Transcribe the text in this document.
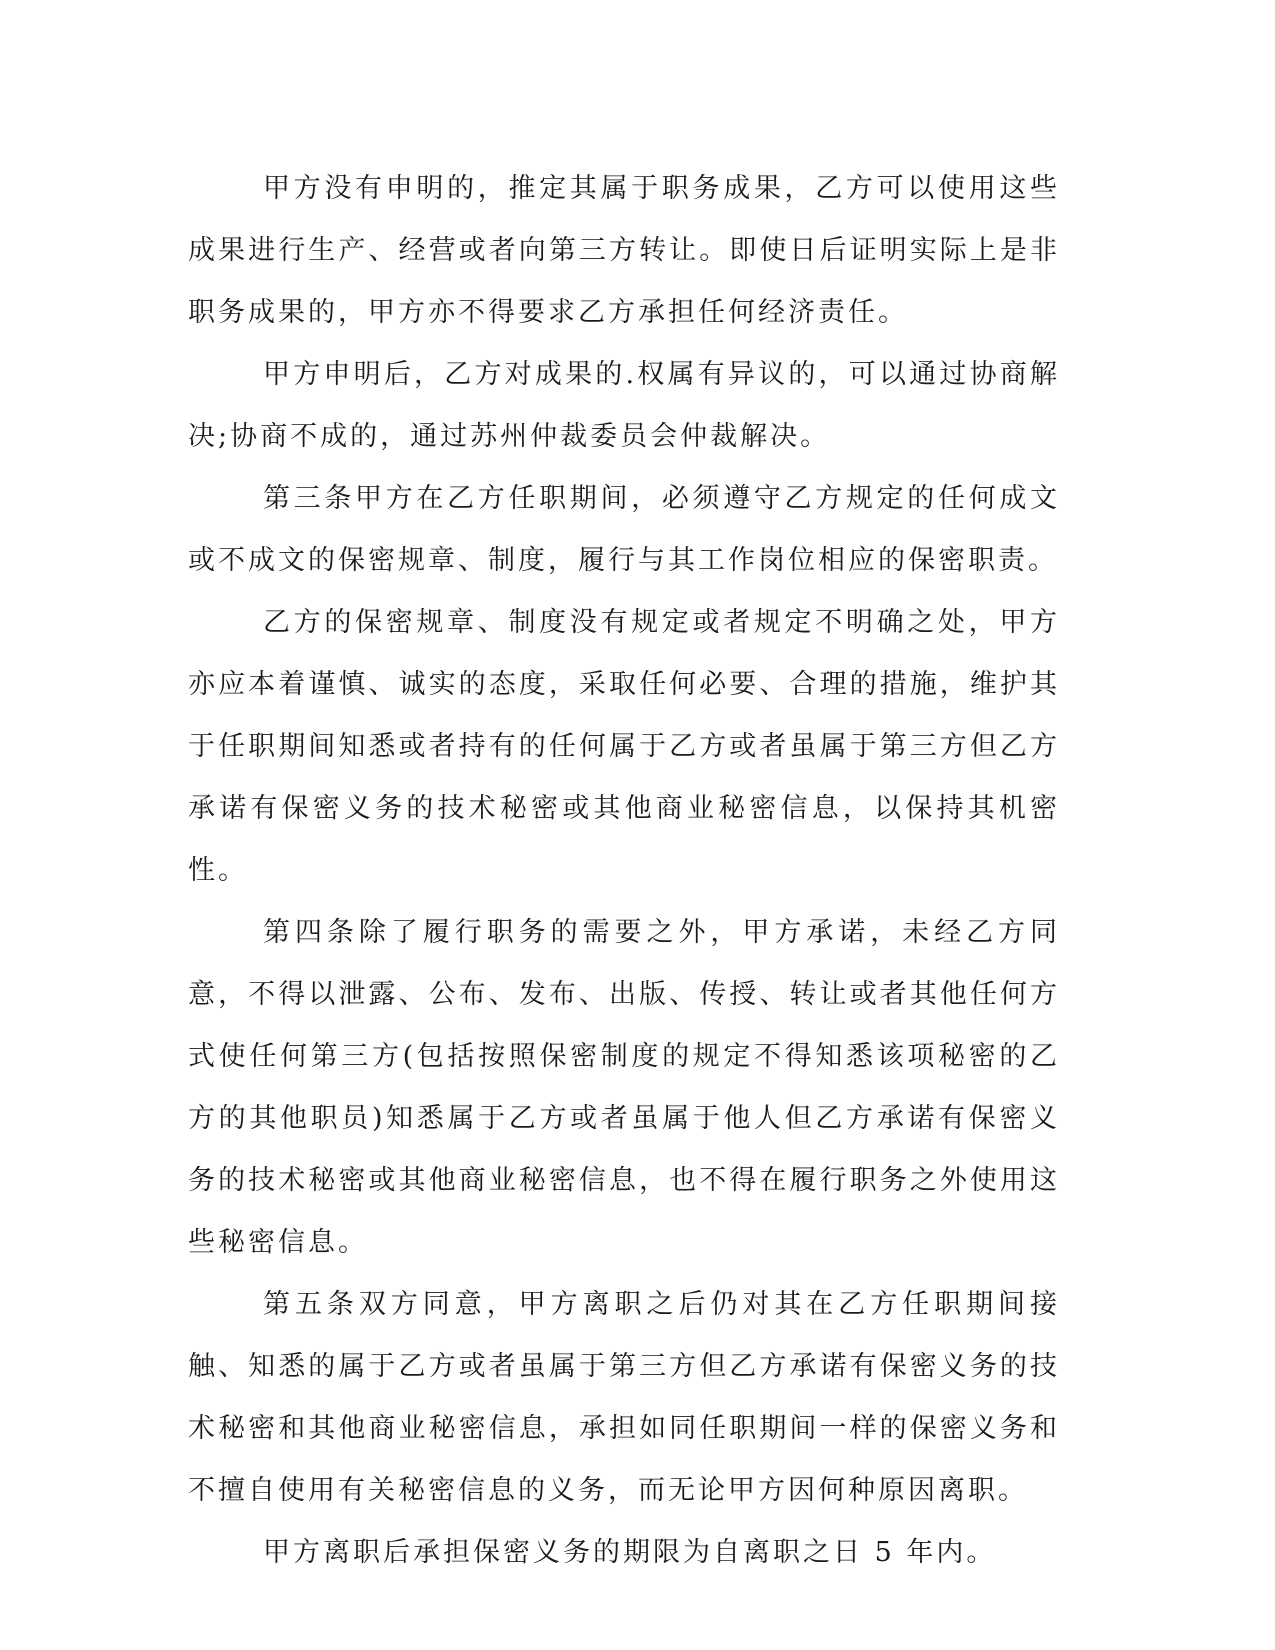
甲方没有申明的，推定其属于职务成果，乙方可以使用这些成果进行生产、经营或者向第三方转让。即使日后证明实际上是非职务成果的，甲方亦不得要求乙方承担任何经济责任。

甲方申明后，乙方对成果的.权属有异议的，可以通过协商解决;协商不成的，通过苏州仲裁委员会仲裁解决。

第三条甲方在乙方任职期间，必须遵守乙方规定的任何成文或不成文的保密规章、制度，履行与其工作岗位相应的保密职责。

乙方的保密规章、制度没有规定或者规定不明确之处，甲方亦应本着谨慎、诚实的态度，采取任何必要、合理的措施，维护其于任职期间知悉或者持有的任何属于乙方或者虽属于第三方但乙方承诺有保密义务的技术秘密或其他商业秘密信息，以保持其机密性。

第四条除了履行职务的需要之外，甲方承诺，未经乙方同意，不得以泄露、公布、发布、出版、传授、转让或者其他任何方式使任何第三方(包括按照保密制度的规定不得知悉该项秘密的乙方的其他职员)知悉属于乙方或者虽属于他人但乙方承诺有保密义务的技术秘密或其他商业秘密信息，也不得在履行职务之外使用这些秘密信息。

第五条双方同意，甲方离职之后仍对其在乙方任职期间接触、知悉的属于乙方或者虽属于第三方但乙方承诺有保密义务的技术秘密和其他商业秘密信息，承担如同任职期间一样的保密义务和不擅自使用有关秘密信息的义务，而无论甲方因何种原因离职。

甲方离职后承担保密义务的期限为自离职之日 5 年内。
